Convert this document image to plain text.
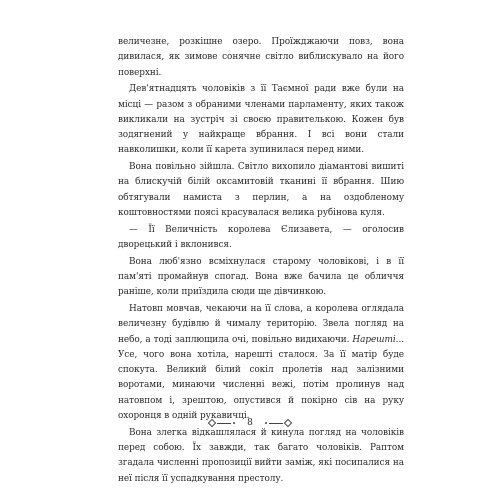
величезне, розкішне озеро. Проїжджаючи повз, вона дивилася, як зимове сонячне світло виблискувало на його поверхні.

Дев'ятнадцять чоловіків з її Таємної ради вже були на місці — разом з обраними членами парламенту, яких також викликали на зустріч зі своєю правителькою. Кожен був зодягнений у найкраще вбрання. І всі вони стали навколишки, коли її карета зупинилася перед ними.

Вона повільно зійшла. Світло вихопило діамантові вишиті на блискучій білій оксамитовій тканині її вбрання. Шию обтягували намиста з перлин, а на оздобленому коштовностями поясі красувалася велика рубінова куля.

— Її Величність королева Єлизавета, — оголосив дворецький і вклонився.

Вона люб'язно всміхнулася старому чоловікові, і в її пам'яті промайнув спогад. Вона вже бачила це обличчя раніше, коли приїздила сюди ще дівчинкою.

Натовп мовчав, чекаючи на її слова, а королева оглядала величезну будівлю й чималу територію. Звела погляд на небо, а тоді заплющила очі, повільно видихаючи. Нарешті... Усе, чого вона хотіла, нарешті сталося. За її матір буде спокута. Великий білий сокіл пролетів над залізними воротами, минаючи численні вежі, потім пролинув над натовпом і, зрештою, опустився й покірно сів на руку охоронця в одній рукавичці.

Вона злегка відкашлялася й кинула погляд на чоловіків перед собою. Їх завжди, так багато чоловіків. Раптом згадала численні пропозиції вийти заміж, які посипалися на неї після її успадкування престолу.

8
